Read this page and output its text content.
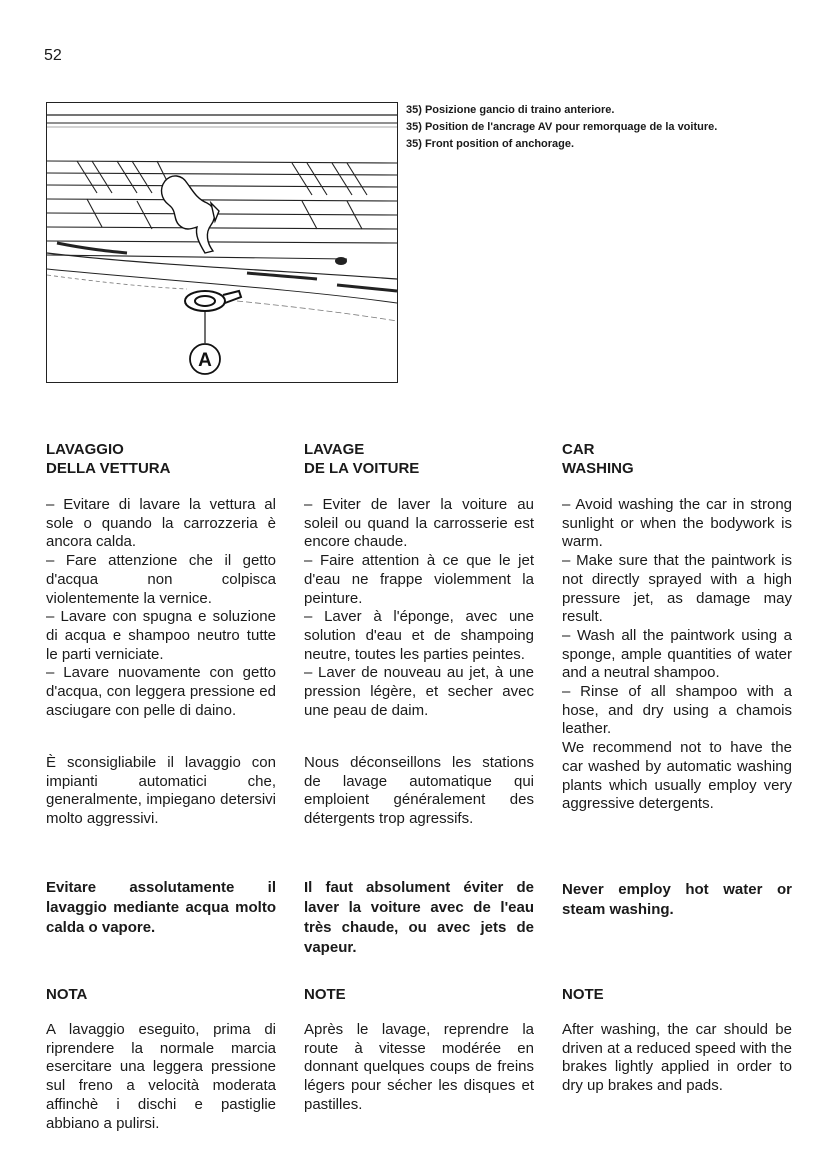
52
A
35) Posizione gancio di traino anteriore.
35) Position de l'ancrage AV pour remorquage de la voiture.
35) Front position of anchorage.

LAVAGGIO

DELLA VETTURA

– Evitare di lavare la vettura al sole o quando la carrozzeria è ancora calda.

– Fare attenzione che il getto d'acqua non colpisca violentemente la vernice.

– Lavare con spugna e soluzione di acqua e shampoo neutro tutte le parti verniciate.

– Lavare nuovamente con getto d'acqua, con leggera pressione ed asciugare con pelle di daino.

È sconsigliabile il lavaggio con impianti automatici che, generalmente, impiegano detersivi molto aggressivi.

Evitare assolutamente il lavaggio mediante acqua molto calda o vapore.

NOTA

A lavaggio eseguito, prima di riprendere la normale marcia esercitare una leggera pressione sul freno a velocità moderata affinchè i dischi e pastiglie abbiano a pulirsi.

LAVAGE

DE LA VOITURE

– Eviter de laver la voiture au soleil ou quand la carrosserie est encore chaude.

– Faire attention à ce que le jet d'eau ne frappe violemment la peinture.

– Laver à l'éponge, avec une solution d'eau et de shampoing neutre, toutes les parties peintes.

– Laver de nouveau au jet, à une pression légère, et secher avec une peau de daim.

Nous déconseillons les stations de lavage automatique qui emploient généralement des détergents trop agressifs.

Il faut absolument éviter de laver la voiture avec de l'eau très chaude, ou avec jets de vapeur.

NOTE

Après le lavage, reprendre la route à vitesse modérée en donnant quelques coups de freins légers pour sécher les disques et pastilles.

CAR

WASHING

– Avoid washing the car in strong sunlight or when the bodywork is warm.

– Make sure that the paintwork is not directly sprayed with a high pressure jet, as damage may result.

– Wash all the paintwork using a sponge, ample quantities of water and a neutral shampoo.

– Rinse of all shampoo with a hose, and dry using a chamois leather.

We recommend not to have the car washed by automatic washing plants which usually employ very aggressive detergents.

Never employ hot water or steam washing.

NOTE

After washing, the car should be driven at a reduced speed with the brakes lightly applied in order to dry up brakes and pads.
